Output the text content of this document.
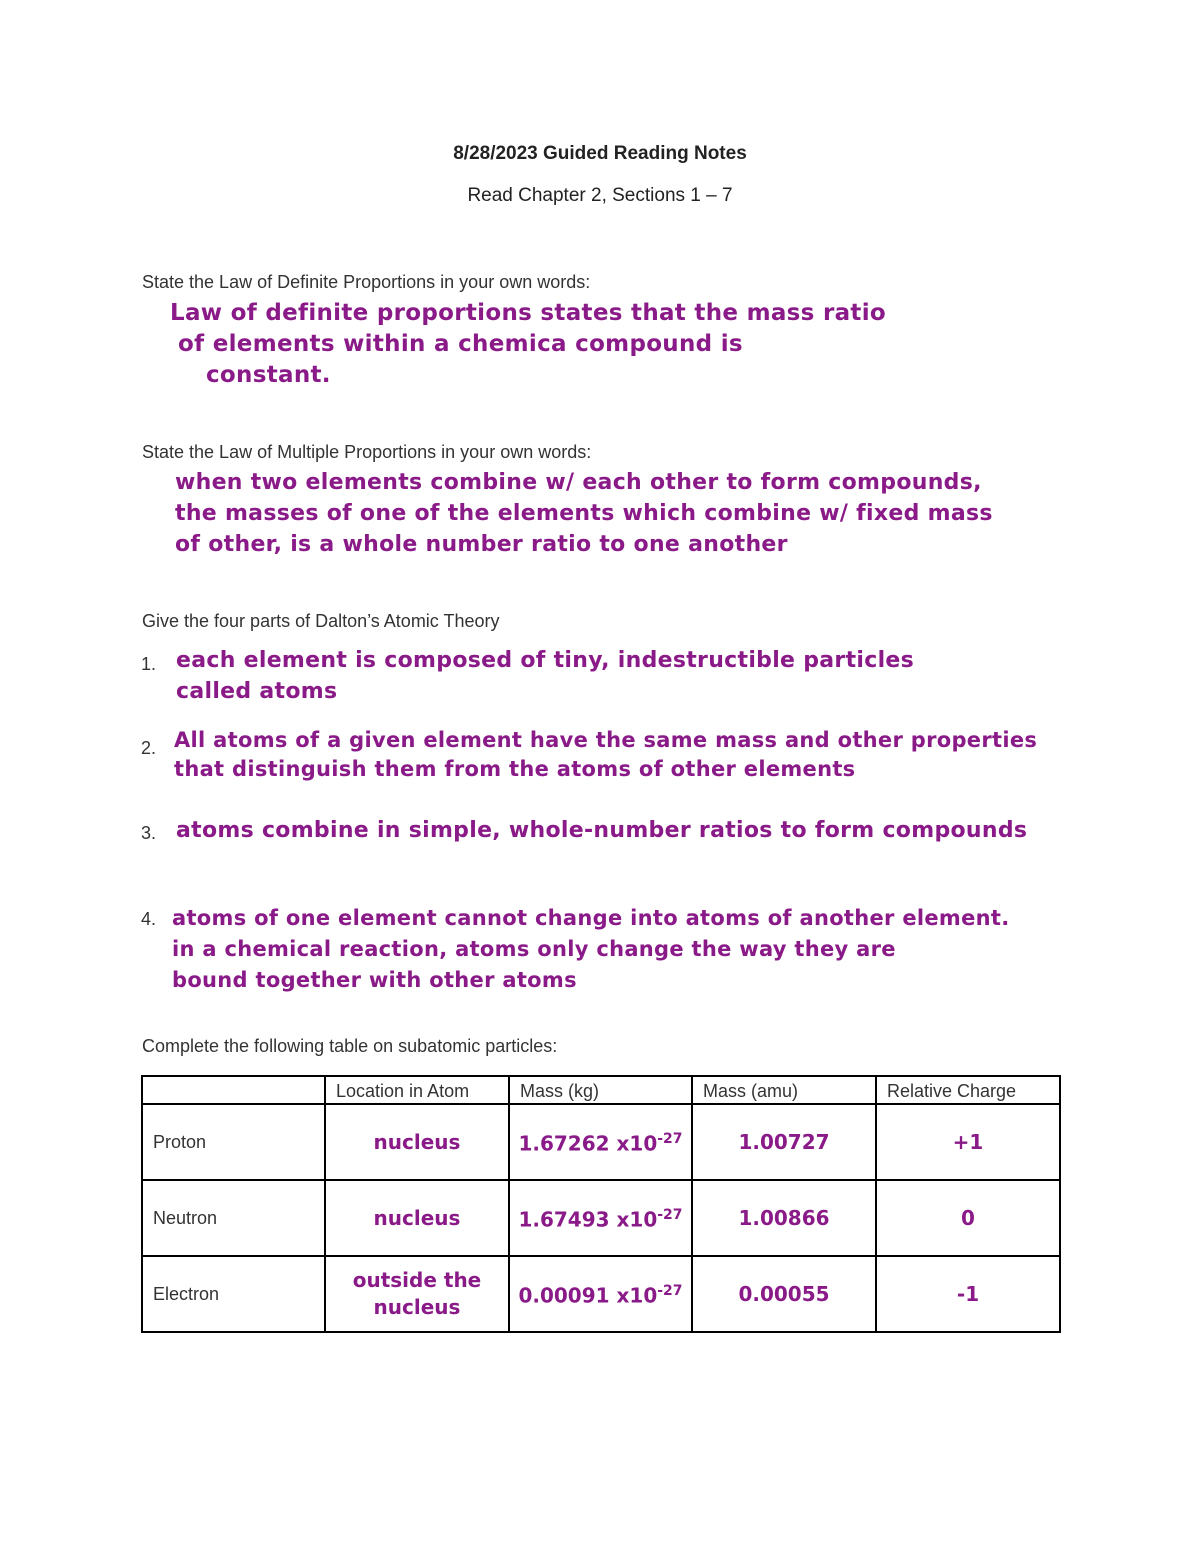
8/28/2023 Guided Reading Notes
Read Chapter 2, Sections 1 – 7
State the Law of Definite Proportions in your own words:
Law of definite proportions states that the mass ratio
of elements within a chemica compound is
constant.
State the Law of Multiple Proportions in your own words:
when two elements combine w/ each other to form compounds,
the masses of one of the elements which combine w/ fixed mass
of other, is a whole number ratio to one another
Give the four parts of Dalton’s Atomic Theory
1. each element is composed of tiny, indestructible particles
called atoms
2. All atoms of a given element have the same mass and other properties
that distinguish them from the atoms of other elements
3. atoms combine in simple, whole-number ratios to form compounds
4. atoms of one element cannot change into atoms of another element.
in a chemical reaction, atoms only change the way they are
bound together with other atoms
Complete the following table on subatomic particles:
	Location in Atom	Mass (kg)	Mass (amu)	Relative Charge
Proton	nucleus	1.67262 $x10^{-27}$	1.00727	+1
Neutron	nucleus	1.67493 $x10^{-27}$	1.00866	0
Electron	outside the nucleus	0.00091 $x10^{-27}$	0.00055	-1
